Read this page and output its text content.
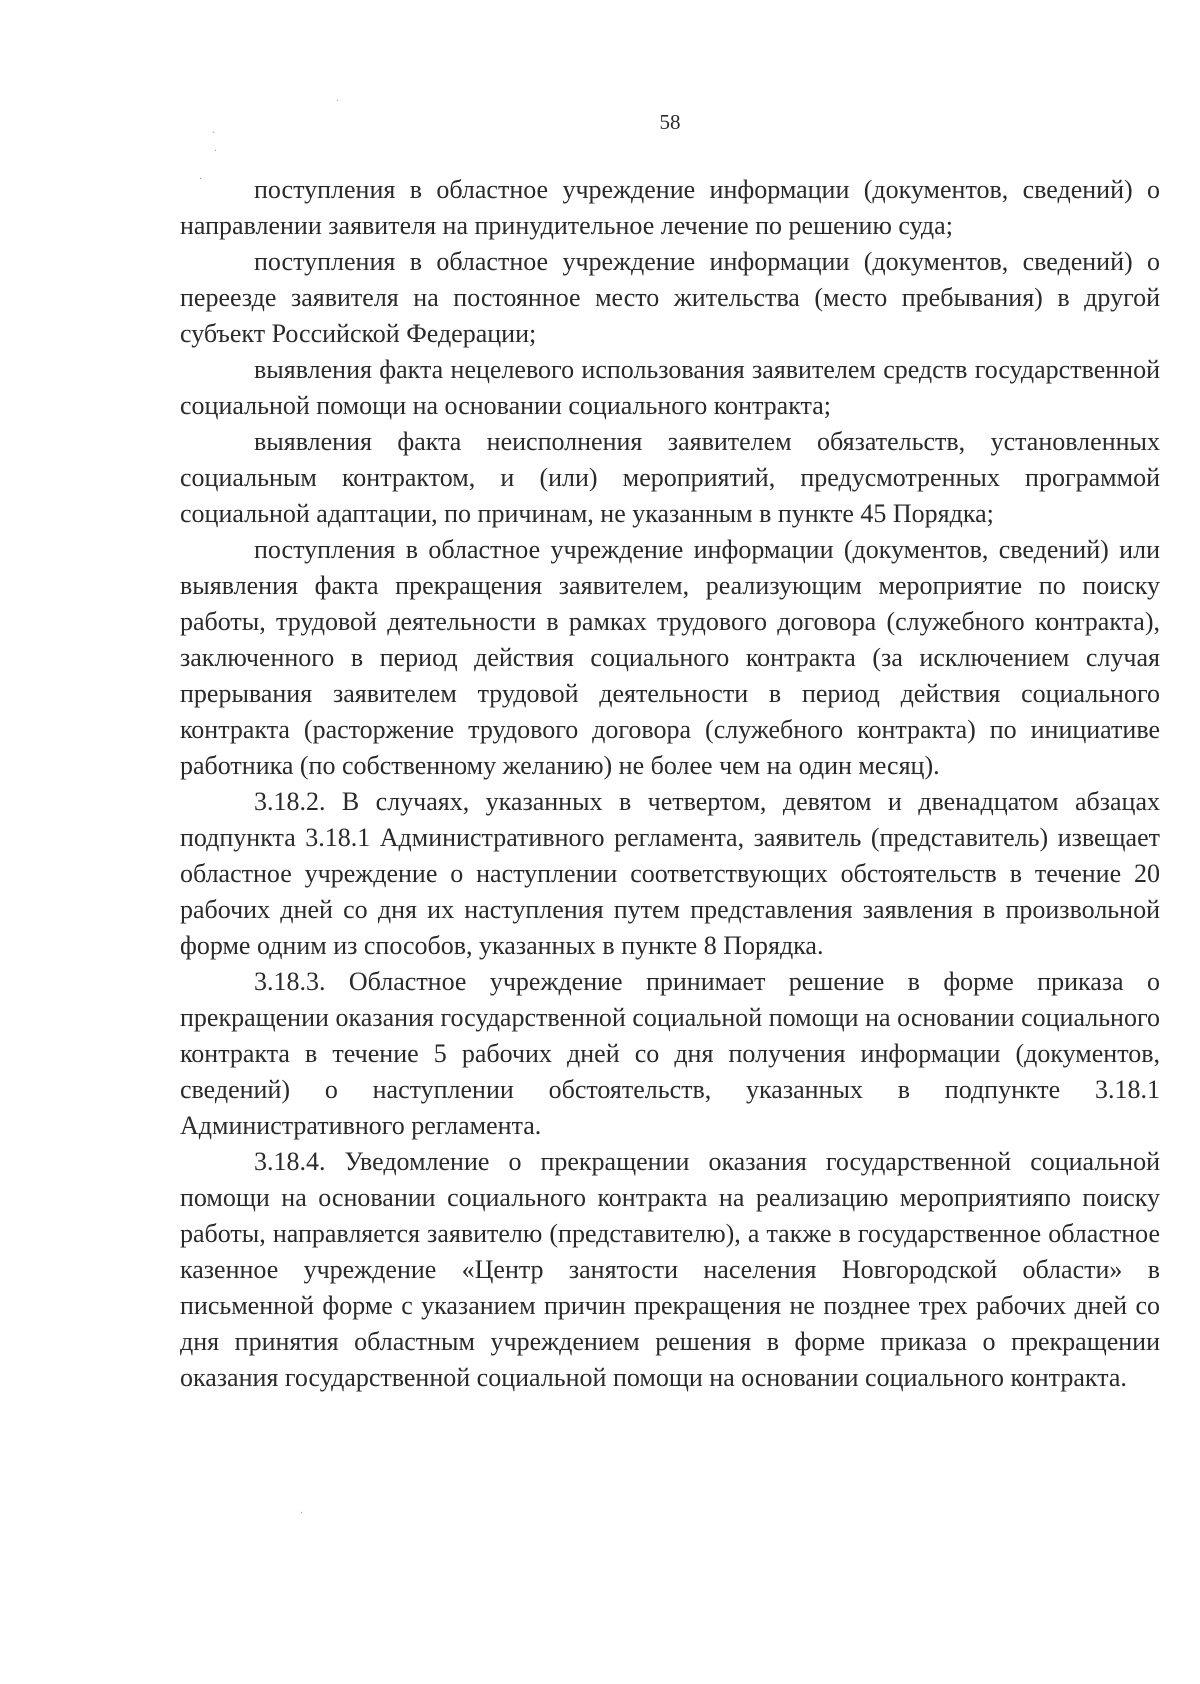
58

поступления в областное учреждение информации (документов, сведений) о направлении заявителя на принудительное лечение по решению суда;

поступления в областное учреждение информации (документов, сведений) о переезде заявителя на постоянное место жительства (место пребывания) в другой субъект Российской Федерации;

выявления факта нецелевого использования заявителем средств государственной социальной помощи на основании социального контракта;

выявления факта неисполнения заявителем обязательств, установленных социальным контрактом, и (или) мероприятий, предусмотренных программой социальной адаптации, по причинам, не указанным в пункте 45 Порядка;

поступления в областное учреждение информации (документов, сведений) или выявления факта прекращения заявителем, реализующим мероприятие по поиску работы, трудовой деятельности в рамках трудового договора (служебного контракта), заключенного в период действия социального контракта (за исключением случая прерывания заявителем трудовой деятельности в период действия социального контракта (расторжение трудового договора (служебного контракта) по инициативе работника (по собственному желанию) не более чем на один месяц).

3.18.2. В случаях, указанных в четвертом, девятом и двенадцатом абзацах подпункта 3.18.1 Административного регламента, заявитель (представитель) извещает областное учреждение о наступлении соответствующих обстоятельств в течение 20 рабочих дней со дня их наступления путем представления заявления в произвольной форме одним из способов, указанных в пункте 8 Порядка.

3.18.3. Областное учреждение принимает решение в форме приказа о прекращении оказания государственной социальной помощи на основании социального контракта в течение 5 рабочих дней со дня получения информации (документов, сведений) о наступлении обстоятельств, указанных в подпункте 3.18.1 Административного регламента.

3.18.4. Уведомление о прекращении оказания государственной социальной помощи на основании социального контракта на реализацию мероприятияпо поиску работы, направляется заявителю (представителю), а также в государственное областное казенное учреждение «Центр занятости населения Новгородской области» в письменной форме с указанием причин прекращения не позднее трех рабочих дней со дня принятия областным учреждением решения в форме приказа о прекращении оказания государственной социальной помощи на основании социального контракта.

·
·
·
·
·
